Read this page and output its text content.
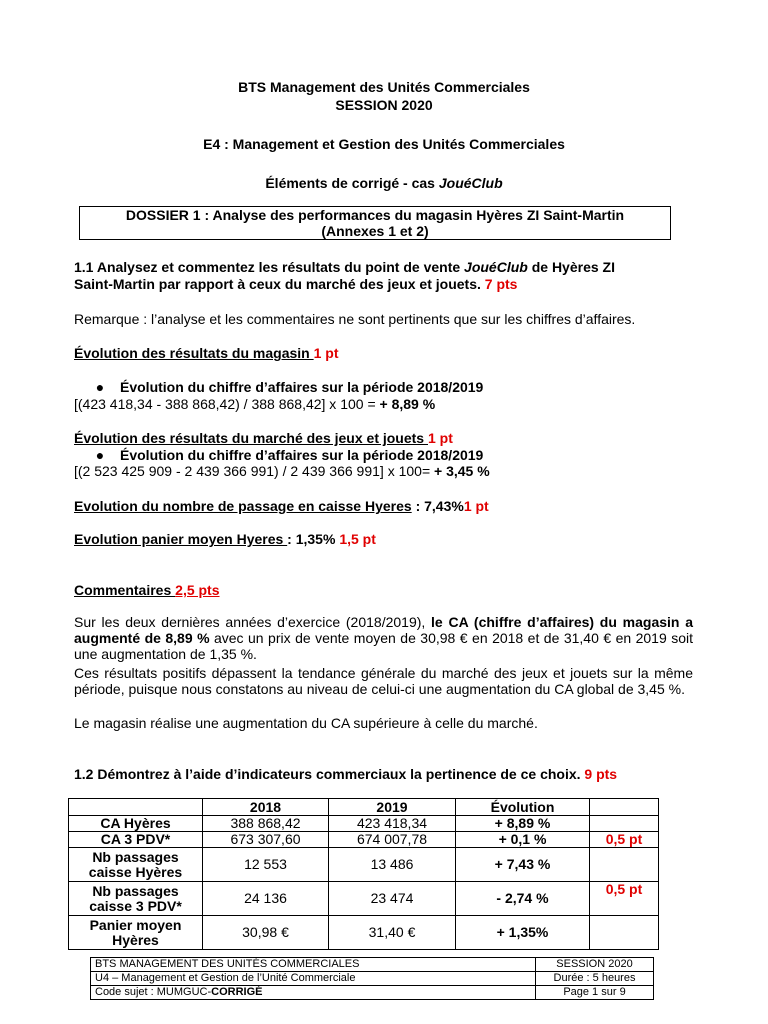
BTS Management des Unités Commerciales
SESSION 2020
E4 : Management et Gestion des Unités Commerciales
Éléments de corrigé - cas JouéClub
DOSSIER 1 : Analyse des performances du magasin Hyères ZI Saint-Martin
(Annexes 1 et 2)
1.1 Analysez et commentez les résultats du point de vente JouéClub de Hyères ZI
Saint-Martin par rapport à ceux du marché des jeux et jouets. 7 pts
Remarque : l’analyse et les commentaires ne sont pertinents que sur les chiffres d’affaires.
Évolution des résultats du magasin 1 pt
● Évolution du chiffre d’affaires sur la période 2018/2019
[(423 418,34 - 388 868,42) / 388 868,42] x 100 = + 8,89 %
Évolution des résultats du marché des jeux et jouets 1 pt
● Évolution du chiffre d’affaires sur la période 2018/2019
[(2 523 425 909 - 2 439 366 991) / 2 439 366 991] x 100= + 3,45 %
Evolution du nombre de passage en caisse Hyeres : 7,43%1 pt
Evolution panier moyen Hyeres : 1,35% 1,5 pt
Commentaires 2,5 pts
Sur les deux dernières années d’exercice (2018/2019), le CA (chiffre d’affaires) du magasin a augmenté de 8,89 % avec un prix de vente moyen de 30,98 € en 2018 et de 31,40 € en 2019 soit une augmentation de 1,35 %.
Ces résultats positifs dépassent la tendance générale du marché des jeux et jouets sur la même période, puisque nous constatons au niveau de celui-ci une augmentation du CA global de 3,45 %.
Le magasin réalise une augmentation du CA supérieure à celle du marché.
1.2 Démontrez à l’aide d’indicateurs commerciaux la pertinence de ce choix. 9 pts
	2018	2019	Évolution	
CA Hyères	388 868,42	423 418,34	+ 8,89 %	
CA 3 PDV*	673 307,60	674 007,78	+ 0,1 %	0,5 pt
Nb passages caisse Hyères	12 553	13 486	+ 7,43 %	
Nb passages caisse 3 PDV*	24 136	23 474	- 2,74 %	0,5 pt
Panier moyen Hyères	30,98 €	31,40 €	+ 1,35%	
BTS MANAGEMENT DES UNITÉS COMMERCIALES	SESSION 2020
U4 – Management et Gestion de l’Unité Commerciale	Durée : 5 heures
Code sujet : MUMGUC-CORRIGÉ	Page 1 sur 9
